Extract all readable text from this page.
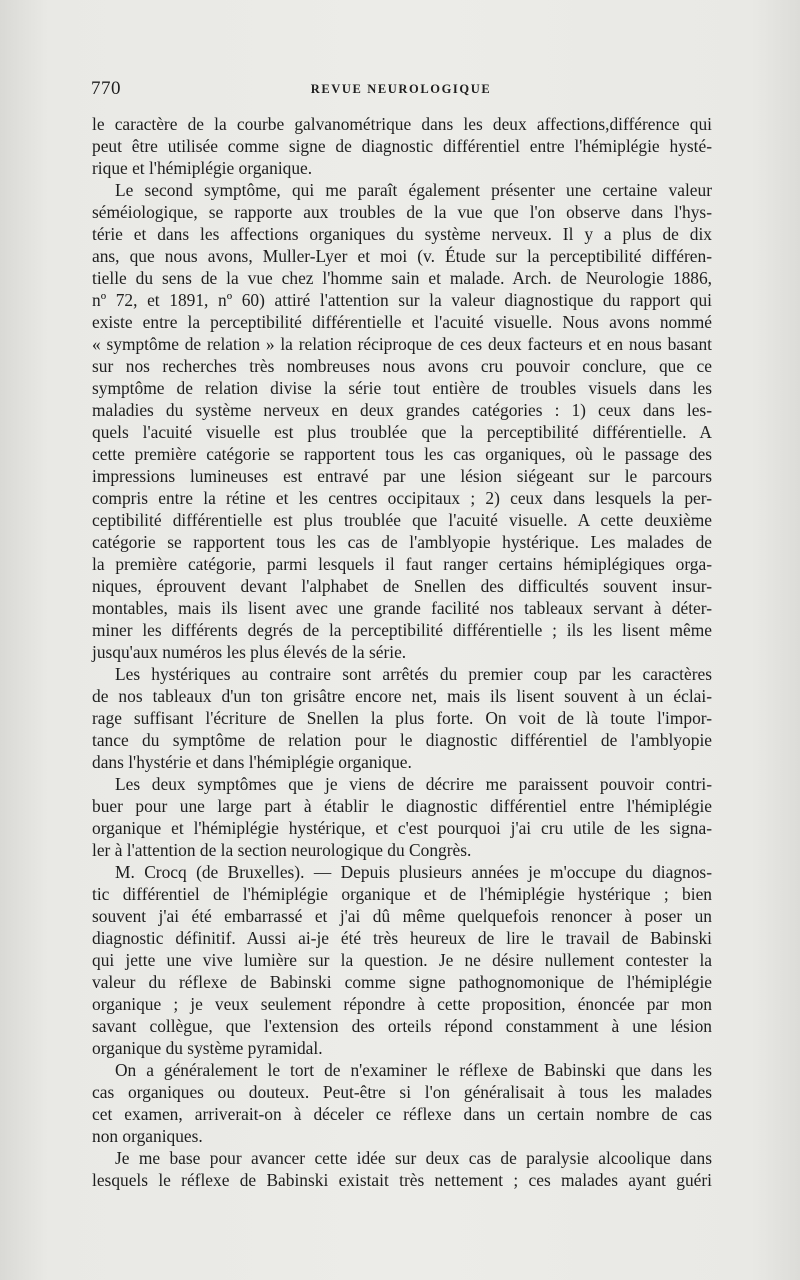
770	REVUE NEUROLOGIQUE
le caractère de la courbe galvanométrique dans les deux affections,différence qui
peut être utilisée comme signe de diagnostic différentiel entre l'hémiplégie hysté-
rique et l'hémiplégie organique.
Le second symptôme, qui me paraît également présenter une certaine valeur
séméiologique, se rapporte aux troubles de la vue que l'on observe dans l'hys-
térie et dans les affections organiques du système nerveux. Il y a plus de dix
ans, que nous avons, Muller-Lyer et moi (v. Étude sur la perceptibilité différen-
tielle du sens de la vue chez l'homme sain et malade. Arch. de Neurologie 1886,
nº 72, et 1891, nº 60) attiré l'attention sur la valeur diagnostique du rapport qui
existe entre la perceptibilité différentielle et l'acuité visuelle. Nous avons nommé
« symptôme de relation » la relation réciproque de ces deux facteurs et en nous basant
sur nos recherches très nombreuses nous avons cru pouvoir conclure, que ce
symptôme de relation divise la série tout entière de troubles visuels dans les
maladies du système nerveux en deux grandes catégories : 1) ceux dans les-
quels l'acuité visuelle est plus troublée que la perceptibilité différentielle. A
cette première catégorie se rapportent tous les cas organiques, où le passage des
impressions lumineuses est entravé par une lésion siégeant sur le parcours
compris entre la rétine et les centres occipitaux ; 2) ceux dans lesquels la per-
ceptibilité différentielle est plus troublée que l'acuité visuelle. A cette deuxième
catégorie se rapportent tous les cas de l'amblyopie hystérique. Les malades de
la première catégorie, parmi lesquels il faut ranger certains hémiplégiques orga-
niques, éprouvent devant l'alphabet de Snellen des difficultés souvent insur-
montables, mais ils lisent avec une grande facilité nos tableaux servant à déter-
miner les différents degrés de la perceptibilité différentielle ; ils les lisent même
jusqu'aux numéros les plus élevés de la série.
Les hystériques au contraire sont arrêtés du premier coup par les caractères
de nos tableaux d'un ton grisâtre encore net, mais ils lisent souvent à un éclai-
rage suffisant l'écriture de Snellen la plus forte. On voit de là toute l'impor-
tance du symptôme de relation pour le diagnostic différentiel de l'amblyopie
dans l'hystérie et dans l'hémiplégie organique.
Les deux symptômes que je viens de décrire me paraissent pouvoir contri-
buer pour une large part à établir le diagnostic différentiel entre l'hémiplégie
organique et l'hémiplégie hystérique, et c'est pourquoi j'ai cru utile de les signa-
ler à l'attention de la section neurologique du Congrès.
M. Crocq (de Bruxelles). — Depuis plusieurs années je m'occupe du diagnos-
tic différentiel de l'hémiplégie organique et de l'hémiplégie hystérique ; bien
souvent j'ai été embarrassé et j'ai dû même quelquefois renoncer à poser un
diagnostic définitif. Aussi ai-je été très heureux de lire le travail de Babinski
qui jette une vive lumière sur la question. Je ne désire nullement contester la
valeur du réflexe de Babinski comme signe pathognomonique de l'hémiplégie
organique ; je veux seulement répondre à cette proposition, énoncée par mon
savant collègue, que l'extension des orteils répond constamment à une lésion
organique du système pyramidal.
On a généralement le tort de n'examiner le réflexe de Babinski que dans les
cas organiques ou douteux. Peut-être si l'on généralisait à tous les malades
cet examen, arriverait-on à déceler ce réflexe dans un certain nombre de cas
non organiques.
Je me base pour avancer cette idée sur deux cas de paralysie alcoolique dans
lesquels le réflexe de Babinski existait très nettement ; ces malades ayant guéri
